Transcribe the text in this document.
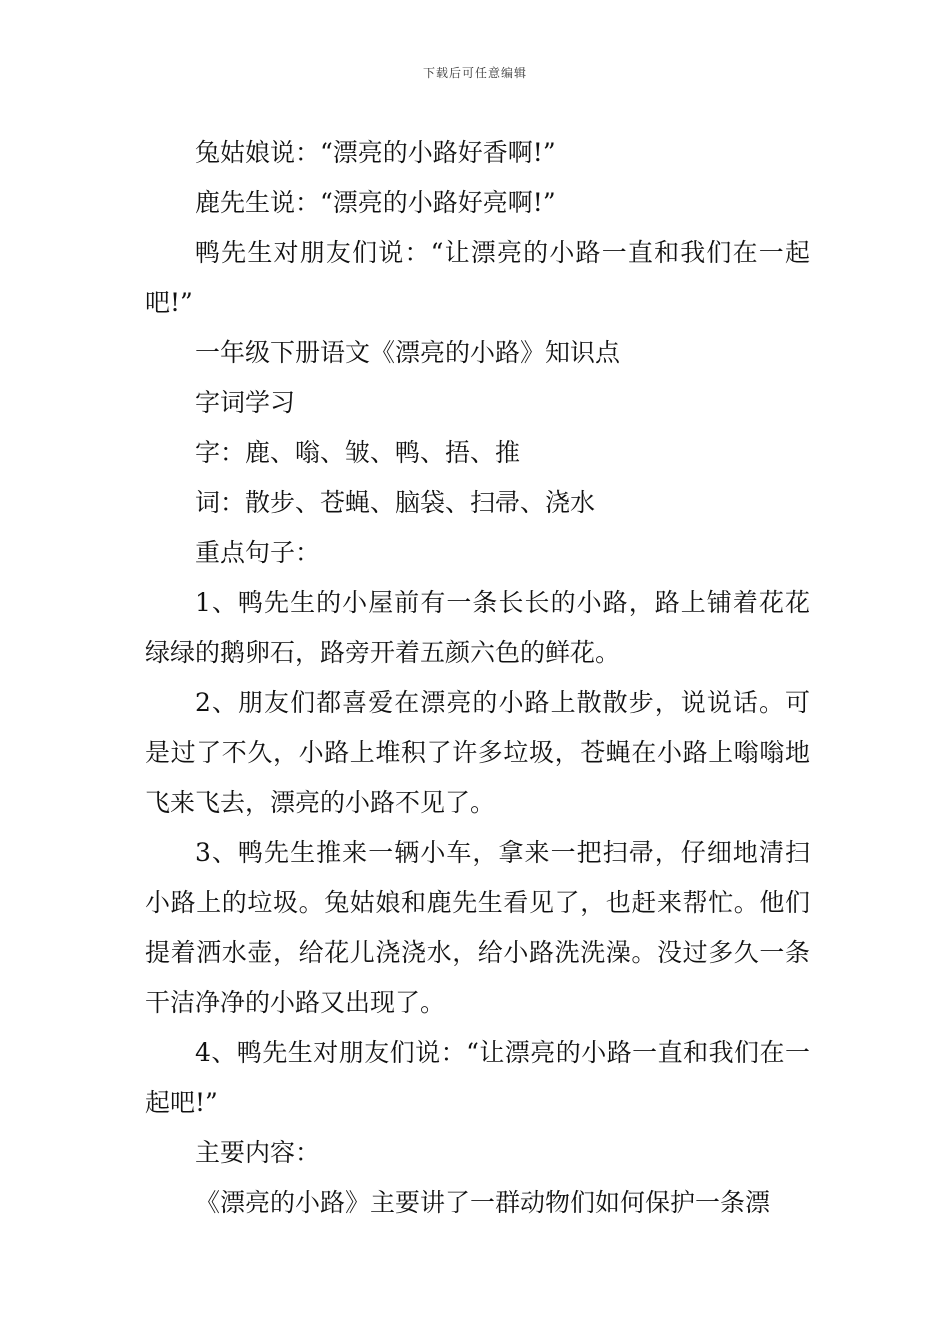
下载后可任意编辑

兔姑娘说：“漂亮的小路好香啊!”

鹿先生说：“漂亮的小路好亮啊!”

鸭先生对朋友们说：“让漂亮的小路一直和我们在一起吧!”

一年级下册语文《漂亮的小路》知识点

字词学习

字：鹿、嗡、皱、鸭、捂、推

词：散步、苍蝇、脑袋、扫帚、浇水

重点句子：

1、鸭先生的小屋前有一条长长的小路，路上铺着花花绿绿的鹅卵石，路旁开着五颜六色的鲜花。

2、朋友们都喜爱在漂亮的小路上散散步，说说话。可是过了不久，小路上堆积了许多垃圾，苍蝇在小路上嗡嗡地飞来飞去，漂亮的小路不见了。

3、鸭先生推来一辆小车，拿来一把扫帚，仔细地清扫小路上的垃圾。兔姑娘和鹿先生看见了，也赶来帮忙。他们提着洒水壶，给花儿浇浇水，给小路洗洗澡。没过多久一条干洁净净的小路又出现了。

4、鸭先生对朋友们说：“让漂亮的小路一直和我们在一起吧!”

主要内容：

《漂亮的小路》主要讲了一群动物们如何保护一条漂
